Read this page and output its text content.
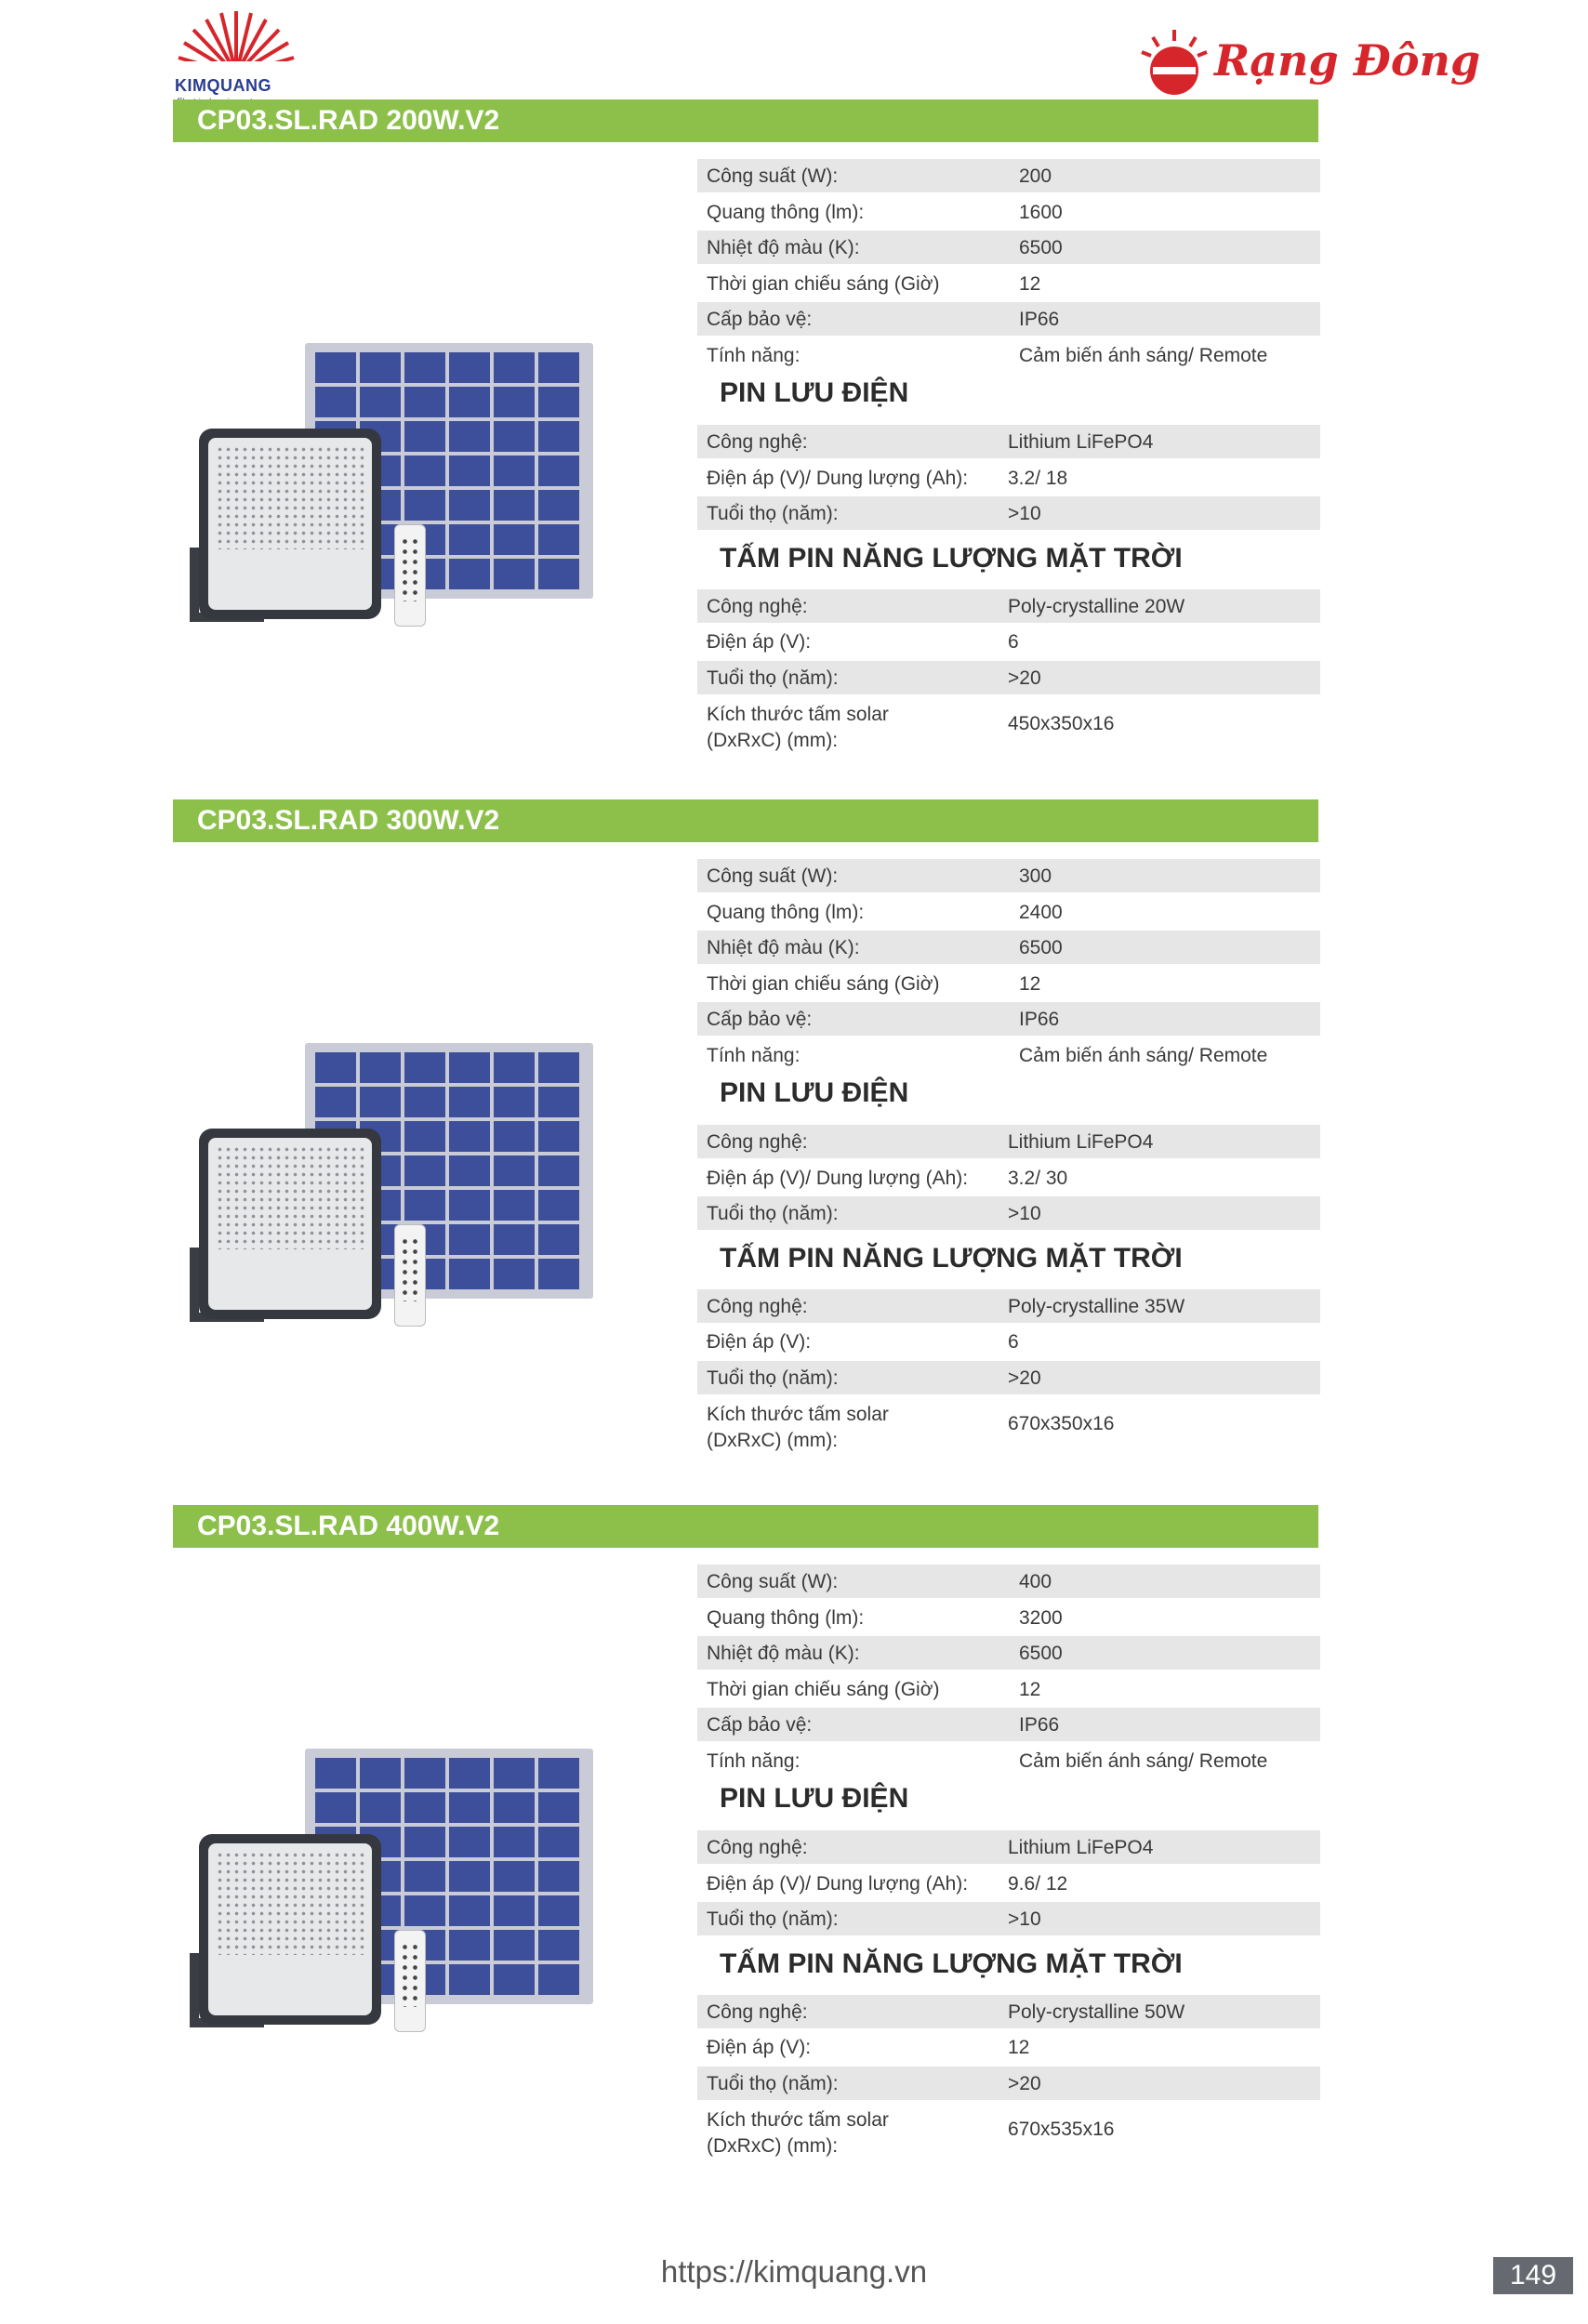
KIMQUANG	Rạng Đông
CP03.SL.RAD 200W.V2
Công suất (W):	200
Quang thông (lm):	1600
Nhiệt độ màu (K):	6500
Thời gian chiếu sáng (Giờ)	12
Cấp bảo vệ:	IP66
Tính năng:	Cảm biến ánh sáng/ Remote
PIN LƯU ĐIỆN
Công nghệ:	Lithium LiFePO4
Điện áp (V)/ Dung lượng (Ah): 3.2/ 18
Tuổi thọ (năm):	>10
TẤM PIN NĂNG LƯỢNG MẶT TRỜI
Công nghệ:	Poly-crystalline 20W
Điện áp (V):	6
Tuổi thọ (năm):	>20
Kích thước tấm solar (DxRxC) (mm):
450x350x16
CP03.SL.RAD 300W.V2
Công suất (W):	300
Quang thông (lm):	2400
Nhiệt độ màu (K):	6500
Thời gian chiếu sáng (Giờ)	12
Cấp bảo vệ:	IP66
Tính năng:	Cảm biến ánh sáng/ Remote
PIN LƯU ĐIỆN
Công nghệ:	Lithium LiFePO4
Điện áp (V)/ Dung lượng (Ah): 3.2/ 30
Tuổi thọ (năm):	>10
TẤM PIN NĂNG LƯỢNG MẶT TRỜI
Công nghệ:	Poly-crystalline 35W
Điện áp (V):	6
Tuổi thọ (năm):	>20
Kích thước tấm solar (DxRxC) (mm):
670x350x16
CP03.SL.RAD 400W.V2
Công suất (W):	400
Quang thông (lm):	3200
Nhiệt độ màu (K):	6500
Thời gian chiếu sáng (Giờ)	12
Cấp bảo vệ:	IP66
Tính năng:	Cảm biến ánh sáng/ Remote
PIN LƯU ĐIỆN
Công nghệ:	Lithium LiFePO4
Điện áp (V)/ Dung lượng (Ah): 9.6/ 12
Tuổi thọ (năm):	>10
TẤM PIN NĂNG LƯỢNG MẶT TRỜI
Công nghệ:	Poly-crystalline 50W
Điện áp (V):	12
Tuổi thọ (năm):	>20
Kích thước tấm solar (DxRxC) (mm):
670x535x16
https://kimquang.vn	149
